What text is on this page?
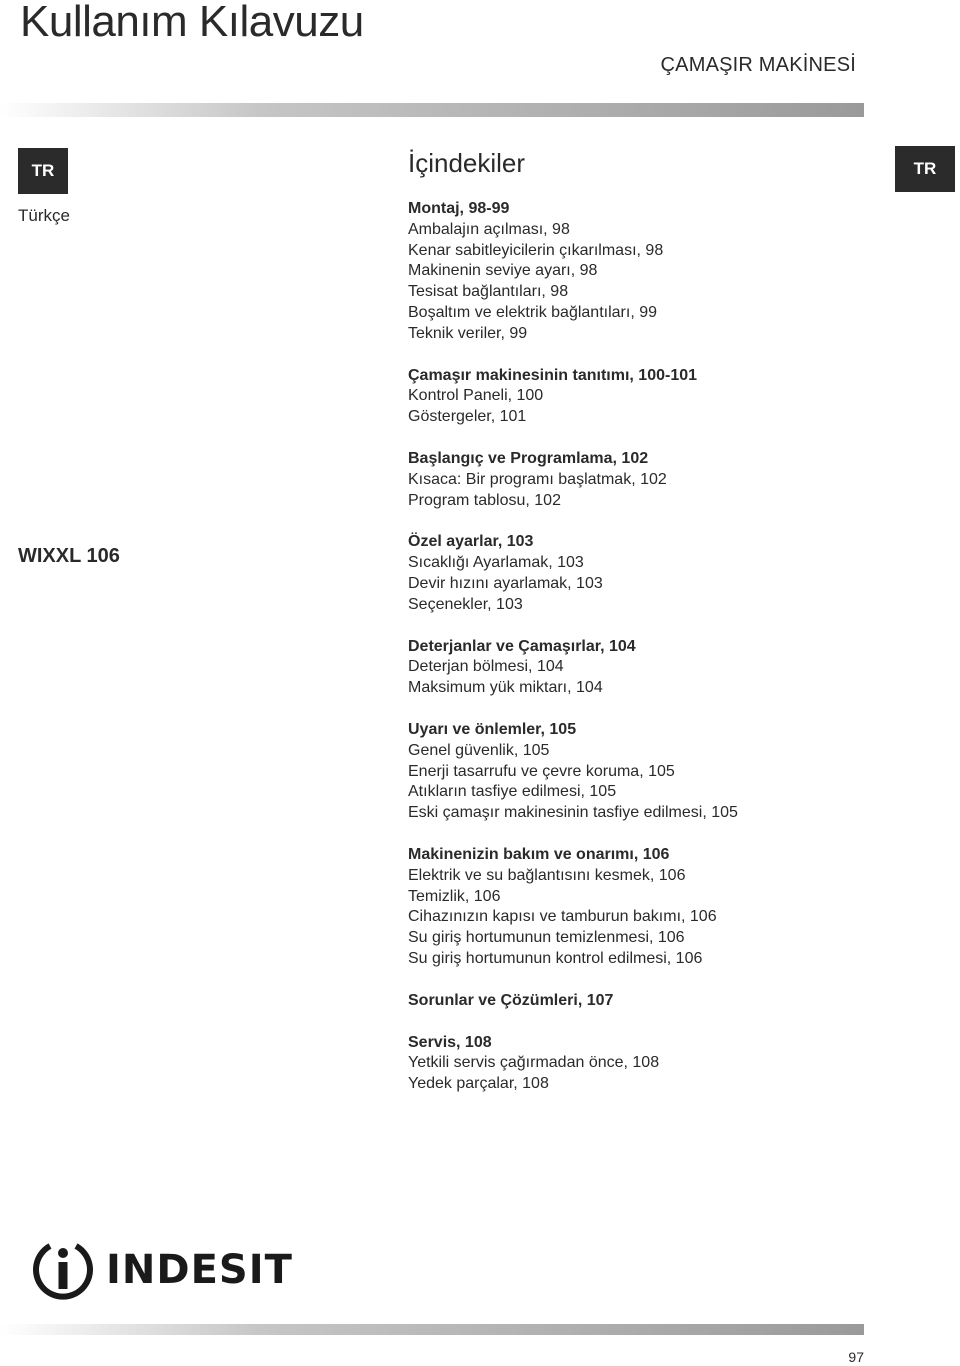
Kullanım Kılavuzu
ÇAMAŞIR MAKİNESİ
TR	TR
Türkçe
WIXXL 106
İçindekiler
Montaj, 98-99
Ambalajın açılması, 98
Kenar sabitleyicilerin çıkarılması, 98
Makinenin seviye ayarı, 98
Tesisat bağlantıları, 98
Boşaltım ve elektrik bağlantıları, 99
Teknik veriler, 99
Çamaşır makinesinin tanıtımı, 100-101
Kontrol Paneli, 100
Göstergeler, 101
Başlangıç ve Programlama, 102
Kısaca: Bir programı başlatmak, 102
Program tablosu, 102
Özel ayarlar, 103
Sıcaklığı Ayarlamak, 103
Devir hızını ayarlamak, 103
Seçenekler, 103
Deterjanlar ve Çamaşırlar, 104
Deterjan bölmesi, 104
Maksimum yük miktarı, 104
Uyarı ve önlemler, 105
Genel güvenlik, 105
Enerji tasarrufu ve çevre koruma, 105
Atıkların tasfiye edilmesi, 105
Eski çamaşır makinesinin tasfiye edilmesi, 105
Makinenizin bakım ve onarımı, 106
Elektrik ve su bağlantısını kesmek, 106
Temizlik, 106
Cihazınızın kapısı ve tamburun bakımı, 106
Su giriş hortumunun temizlenmesi, 106
Su giriş hortumunun kontrol edilmesi, 106
Sorunlar ve Çözümleri, 107
Servis, 108
Yetkili servis çağırmadan önce, 108
Yedek parçalar, 108
INDESIT
97
